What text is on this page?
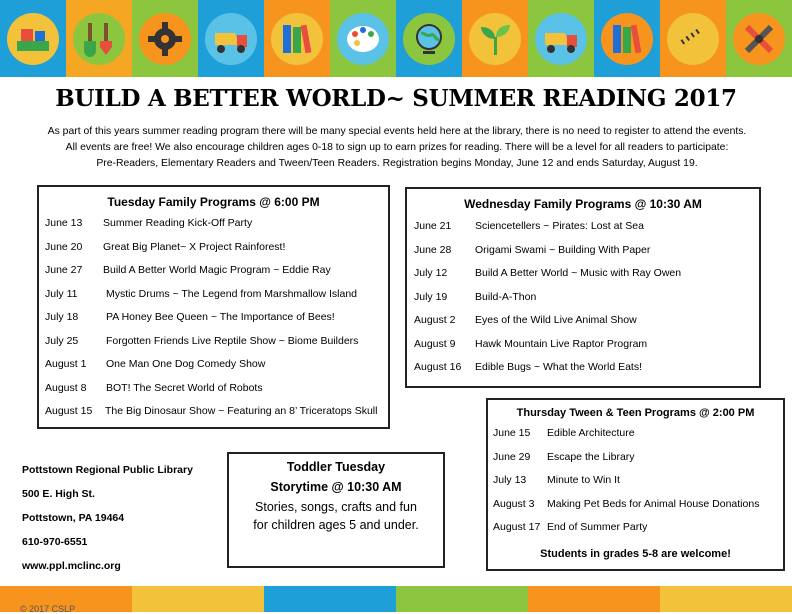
BUILD A BETTER WORLD~ SUMMER READING 2017
As part of this years summer reading program there will be many special events held here at the library, there is no need to register to attend the events.
All events are free! We also encourage children ages 0-18 to sign up to earn prizes for reading. There will be a level for all readers to participate:
Pre-Readers, Elementary Readers and Tween/Teen Readers. Registration begins Monday, June 12 and ends Saturday, August 19.
Tuesday Family Programs @ 6:00 PM
June 13	Summer Reading Kick-Off Party
June 20	Great Big Planet~ X Project Rainforest!
June 27	Build A Better World Magic Program ~ Eddie Ray
July 11	Mystic Drums ~ The Legend from Marshmallow Island
July 18	PA Honey Bee Queen ~ The Importance of Bees!
July 25	Forgotten Friends Live Reptile Show ~ Biome Builders
August 1	One Man One Dog Comedy Show
August 8	BOT! The Secret World of Robots
August 15	The Big Dinosaur Show ~ Featuring an 8’ Triceratops Skull
Wednesday Family Programs @ 10:30 AM
June 21	Sciencetellers ~ Pirates: Lost at Sea
June 28	Origami Swami ~ Building With Paper
July 12	Build A Better World ~ Music with Ray Owen
July 19	Build-A-Thon
August 2	Eyes of the Wild Live Animal Show
August 9	Hawk Mountain Live Raptor Program
August 16	Edible Bugs ~ What the World Eats!
Thursday Tween & Teen Programs @ 2:00 PM
June 15	Edible Architecture
June 29	Escape the Library
July 13	Minute to Win It
August 3	Making Pet Beds for Animal House Donations
August 17 End of Summer Party
Students in grades 5-8 are welcome!
Toddler Tuesday
Storytime @ 10:30 AM
Stories, songs, crafts and fun
for children ages 5 and under.
Pottstown Regional Public Library
500 E. High St.
Pottstown, PA 19464
610-970-6551
www.ppl.mclinc.org
© 2017 CSLP
